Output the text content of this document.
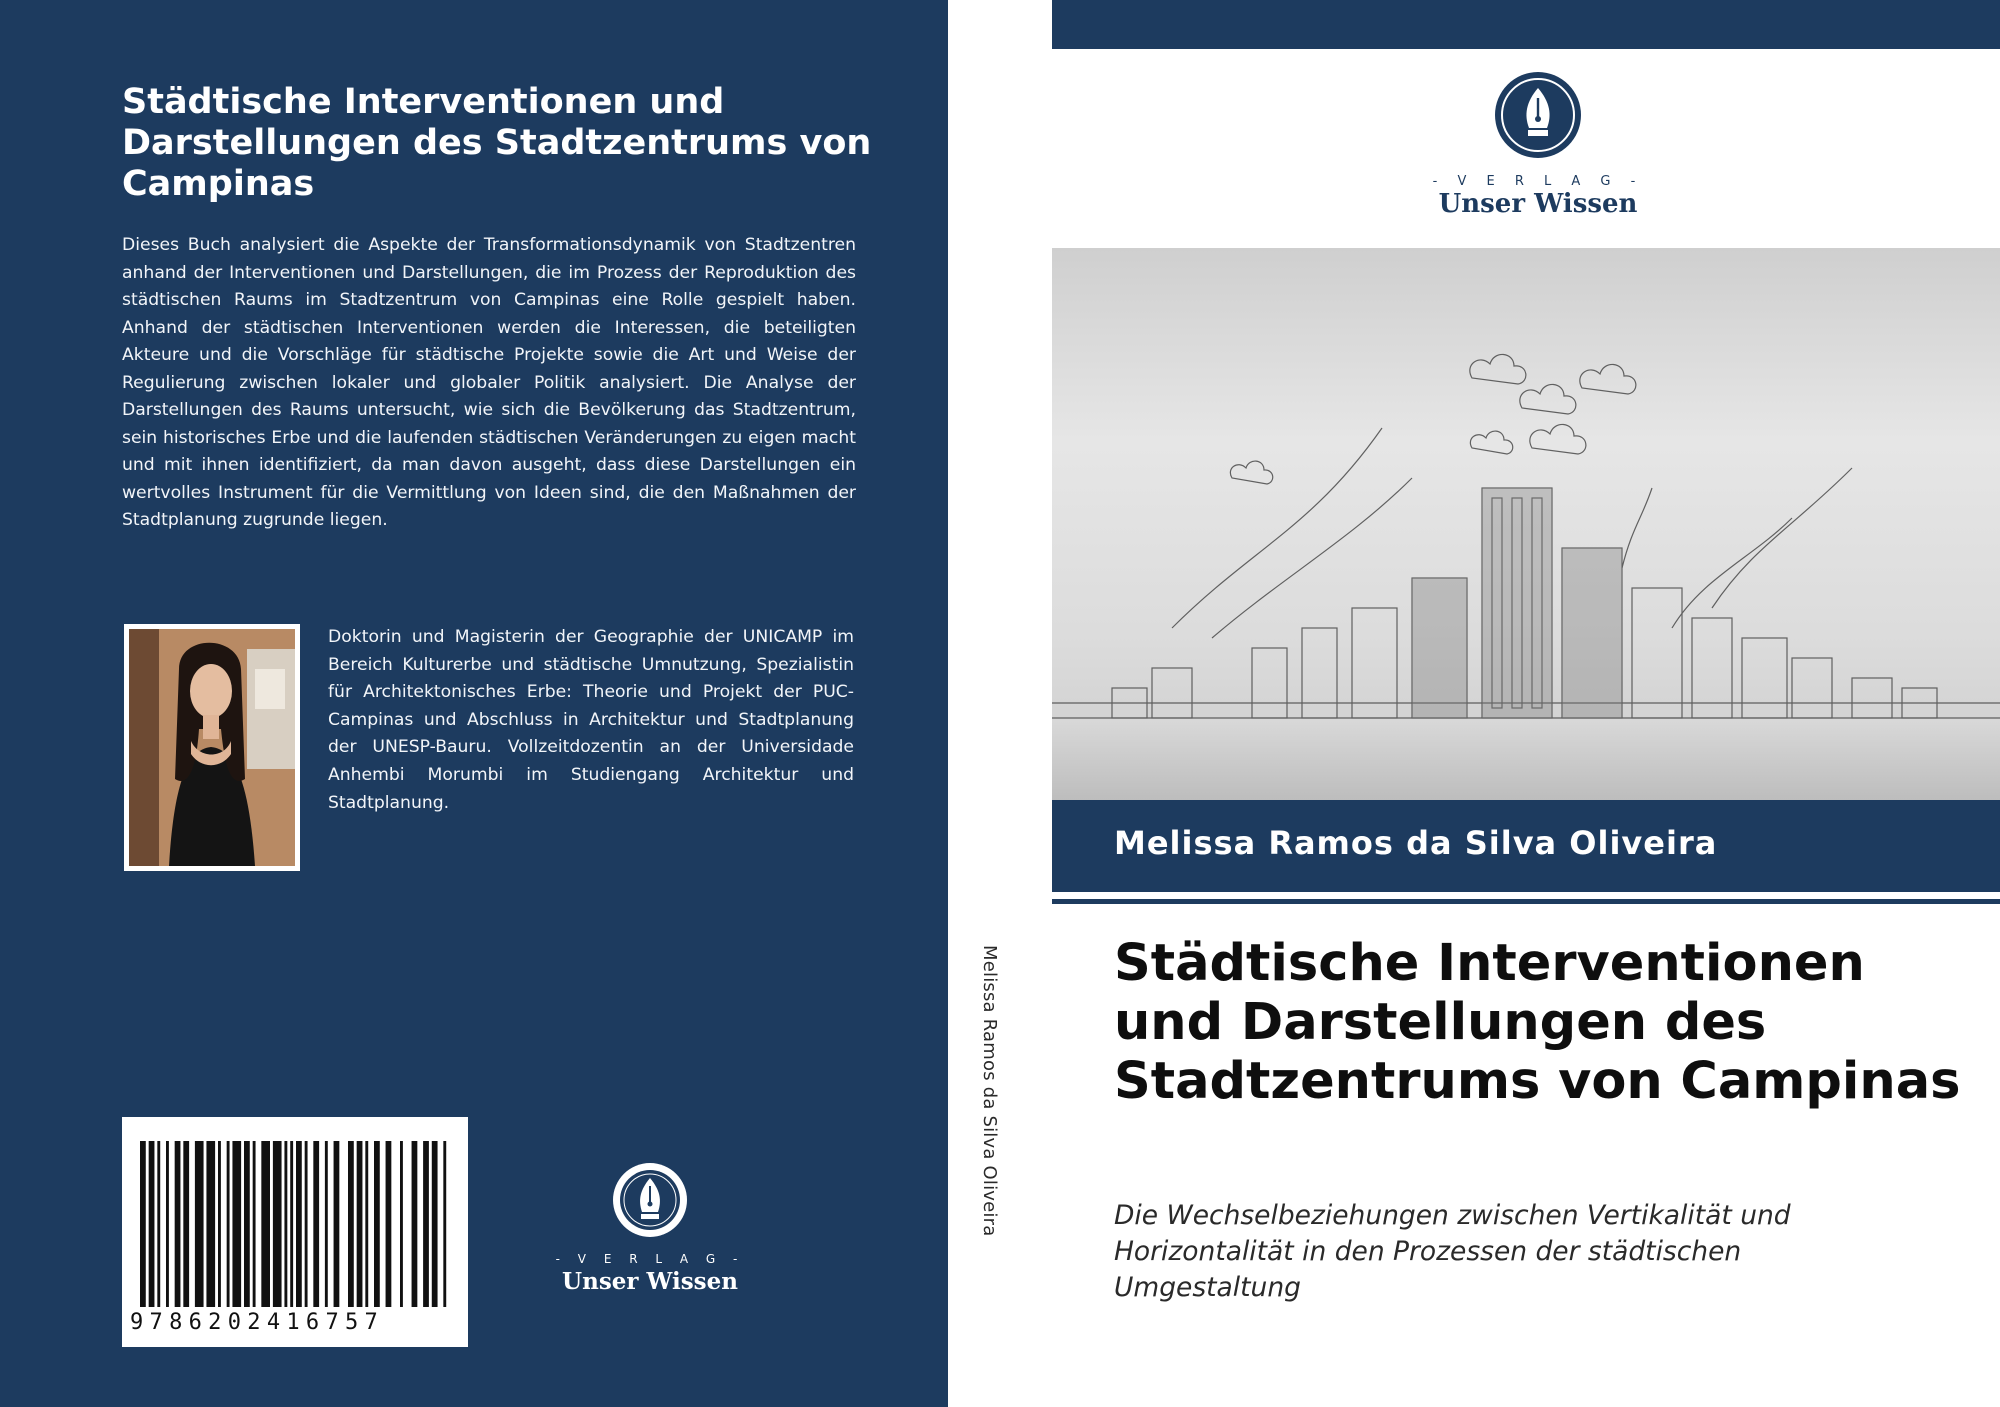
Städtische Interventionen und Darstellungen des Stadtzentrums von Campinas
Dieses Buch analysiert die Aspekte der Transformationsdynamik von Stadtzentren anhand der Interventionen und Darstellungen, die im Prozess der Reproduktion des städtischen Raums im Stadtzentrum von Campinas eine Rolle gespielt haben. Anhand der städtischen Interventionen werden die Interessen, die beteiligten Akteure und die Vorschläge für städtische Projekte sowie die Art und Weise der Regulierung zwischen lokaler und globaler Politik analysiert. Die Analyse der Darstellungen des Raums untersucht, wie sich die Bevölkerung das Stadtzentrum, sein historisches Erbe und die laufenden städtischen Veränderungen zu eigen macht und mit ihnen identifiziert, da man davon ausgeht, dass diese Darstellungen ein wertvolles Instrument für die Vermittlung von Ideen sind, die den Maßnahmen der Stadtplanung zugrunde liegen.
Doktorin und Magisterin der Geographie der UNICAMP im Bereich Kulturerbe und städtische Umnutzung, Spezialistin für Architektonisches Erbe: Theorie und Projekt der PUC-Campinas und Abschluss in Architektur und Stadtplanung der UNESP-Bauru. Vollzeitdozentin an der Universidade Anhembi Morumbi im Studiengang Architektur und Stadtplanung.
9786202416757
- V E R L A G -
Unser Wissen
Melissa Ramos da Silva Oliveira
- V E R L A G -
Unser Wissen
Melissa Ramos da Silva Oliveira
Städtische Interventionen und Darstellungen des Stadtzentrums von Campinas
Die Wechselbeziehungen zwischen Vertikalität und Horizontalität in den Prozessen der städtischen Umgestaltung
